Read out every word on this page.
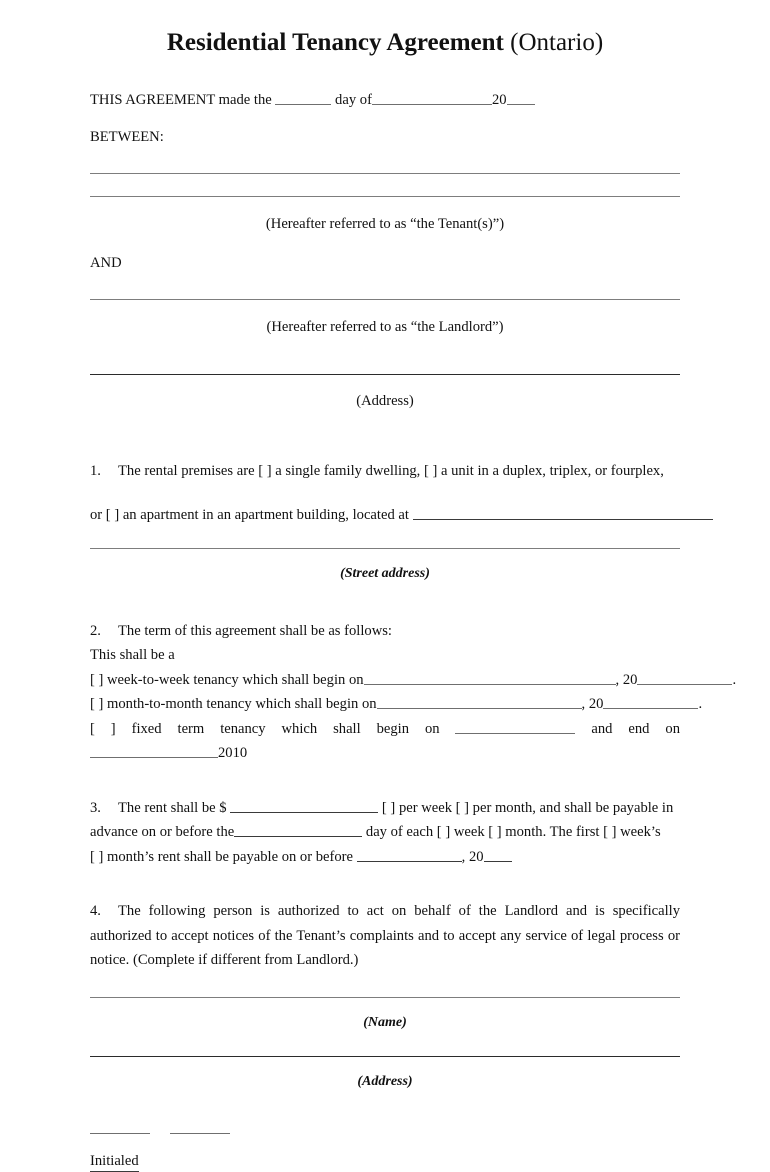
Residential Tenancy Agreement (Ontario)

THIS AGREEMENT made the	day of	20

BETWEEN:

(Hereafter referred to as “the Tenant(s)”)

AND

(Hereafter referred to as “the Landlord”)

(Address)

1. The rental premises are [ ] a single family dwelling, [ ] a unit in a duplex, triplex, or fourplex,

or [ ] an apartment in an apartment building, located at

(Street address)

2. The term of this agreement shall be as follows:

This shall be a

[ ] week-to-week tenancy which shall begin on	, 20	.

[ ] month-to-month tenancy which shall begin on	, 20	.

[ ] fixed term tenancy which shall begin on	and end on

2010

3. The rent shall be $	[ ] per week [ ] per month, and shall be payable in

advance on or before the	day of each [ ] week [ ] month. The first [ ] week’s

[ ] month’s rent shall be payable on or before	, 20

4. The following person is authorized to act on behalf of the Landlord and is specifically authorized to accept notices of the Tenant’s complaints and to accept any service of legal process or notice. (Complete if different from Landlord.)

(Name)

(Address)

Initialed
